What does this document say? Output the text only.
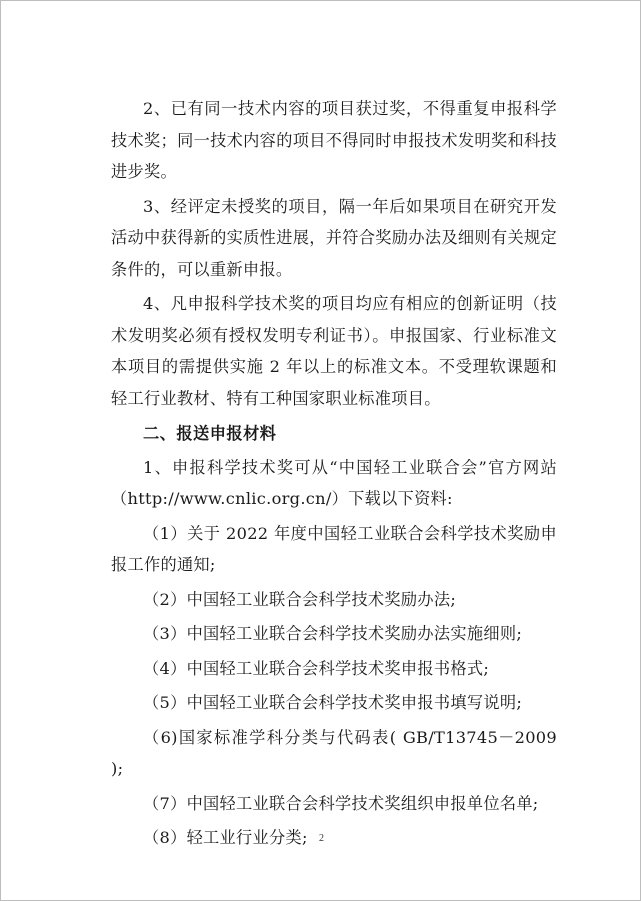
2、已有同一技术内容的项目获过奖，不得重复申报科学技术奖；同一技术内容的项目不得同时申报技术发明奖和科技进步奖。

3、经评定未授奖的项目，隔一年后如果项目在研究开发活动中获得新的实质性进展，并符合奖励办法及细则有关规定条件的，可以重新申报。

4、凡申报科学技术奖的项目均应有相应的创新证明（技术发明奖必须有授权发明专利证书）。申报国家、行业标准文本项目的需提供实施 2 年以上的标准文本。不受理软课题和轻工行业教材、特有工种国家职业标准项目。

二、报送申报材料

1、申报科学技术奖可从“中国轻工业联合会”官方网站（http://www.cnlic.org.cn/）下载以下资料:

（1）关于 2022 年度中国轻工业联合会科学技术奖励申报工作的通知;

（2）中国轻工业联合会科学技术奖励办法;

（3）中国轻工业联合会科学技术奖励办法实施细则;

（4）中国轻工业联合会科学技术奖申报书格式;

（5）中国轻工业联合会科学技术奖申报书填写说明;

（6)国家标准学科分类与代码表( GB/T13745－2009 );

（7）中国轻工业联合会科学技术奖组织申报单位名单;

（8）轻工业行业分类;	2
